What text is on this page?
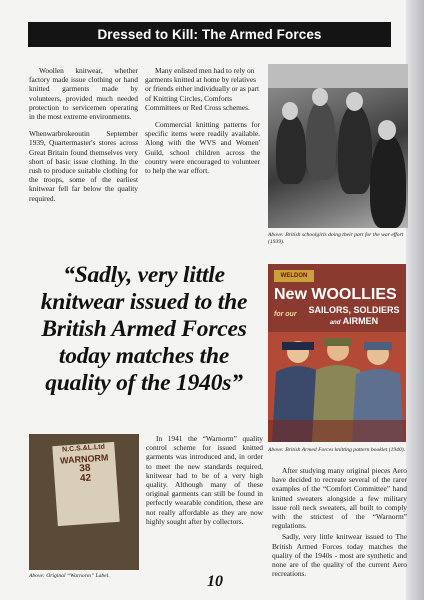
Dressed to Kill: The Armed Forces

Woollen knitwear, whether factory made issue clothing or hand knitted garments made by volunteers, provided much needed protection to servicemen operating in the most extreme environments.

Whenwarbrokeoutin September 1939, Quartermaster's stores across Great Britain found themselves very short of basic issue clothing. In the rush to produce suitable clothing for the troops, some of the earliest knitwear fell far below the quality required.

Many enlisted men had to rely on garments knitted at home by relatives or friends either individually or as part of Knitting Circles, Comforts Committees or Red Cross schemes.

Commercial knitting patterns for specific items were readily available. Along with the WVS and Women' Guild, school children across the country were encouraged to volunteer to help the war effort.

Above: British schoolgirls doing their part for the war effort (1939).
“Sadly, very little knitwear issued to the British Armed Forces today matches the quality of the 1940s”
WELDON
New WOOLLIES for our	SAILORS, SOLDIERS
and AIRMEN
Above: British Armed Forces knitting pattern booklet (1940).
N.C.S.&L.Ltd
WARNORM
38
42
Above: Original “Warnorm” Label.

In 1941 the “Warnorm” quality control scheme for issued knitted garments was introduced and, in order to meet the new standards required, knitwear had to be of a very high quality. Although many of these original garments can still be found in perfectly wearable condition, these are not really affordable as they are now highly sought after by collectors.

After studying many original pieces Aero have decided to recreate several of the rarer examples of the “Comfort Committee” hand knitted sweaters alongside a few military issue roll neck sweaters, all built to comply with the strictest of the “Warnorm” regulations.

Sadly, very little knitwear issued to The British Armed Forces today matches the quality of the 1940s - most are synthetic and none are of the quality of the current Aero recreations.

10
